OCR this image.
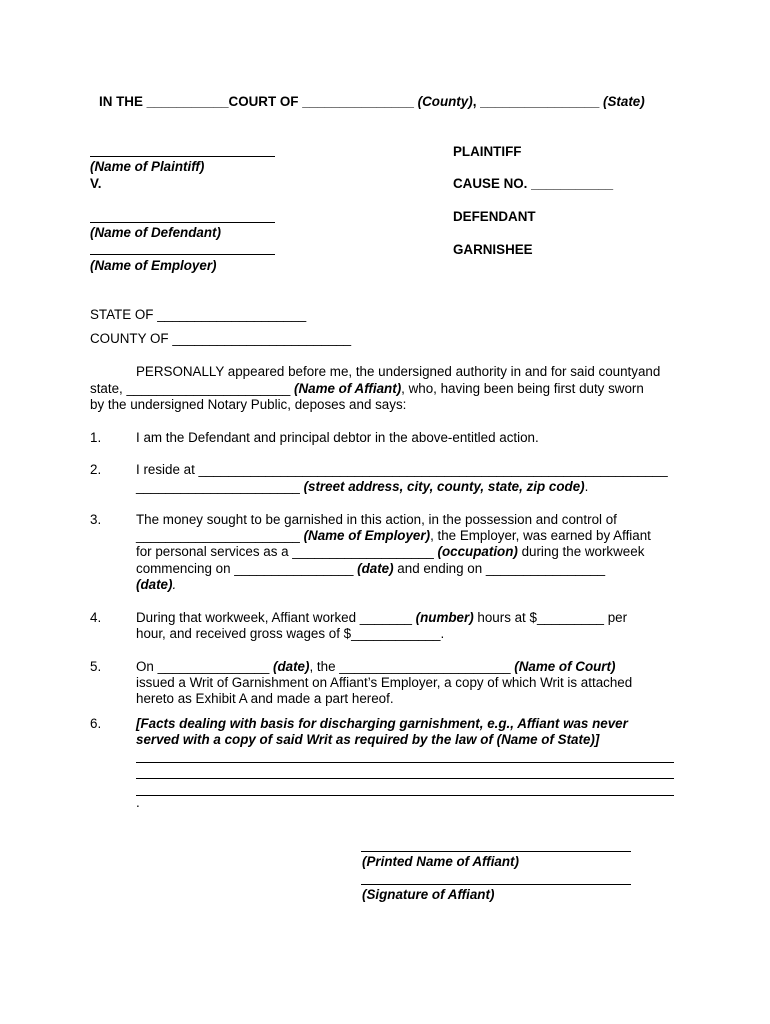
IN THE ___________COURT OF _______________ (County), ________________ (State)
(Name of Plaintiff)
V.
(Name of Defendant)
(Name of Employer)
PLAINTIFF
CAUSE NO. ___________
DEFENDANT
GARNISHEE
STATE OF ____________________
COUNTY OF ________________________
PERSONALLY appeared before me, the undersigned authority in and for said countyand
state, ______________________ (Name of Affiant), who, having been being first duty sworn
by the undersigned Notary Public, deposes and says:
1.	I am the Defendant and principal debtor in the above-entitled action.
2.	I reside at _______________________________________________________________
______________________ (street address, city, county, state, zip code).
3.	The money sought to be garnished in this action, in the possession and control of
______________________ (Name of Employer), the Employer, was earned by Affiant
for personal services as a ___________________ (occupation) during the workweek
commencing on ________________ (date) and ending on ________________
(date).
4.	During that workweek, Affiant worked _______ (number) hours at $_________ per
hour, and received gross wages of $____________.
5.	On _______________ (date), the _______________________ (Name of Court)
issued a Writ of Garnishment on Affiant’s Employer, a copy of which Writ is attached
hereto as Exhibit A and made a part hereof.
6.	[Facts dealing with basis for discharging garnishment, e.g., Affiant was never
served with a copy of said Writ as required by the law of (Name of State)]
.
(Printed Name of Affiant)
(Signature of Affiant)
